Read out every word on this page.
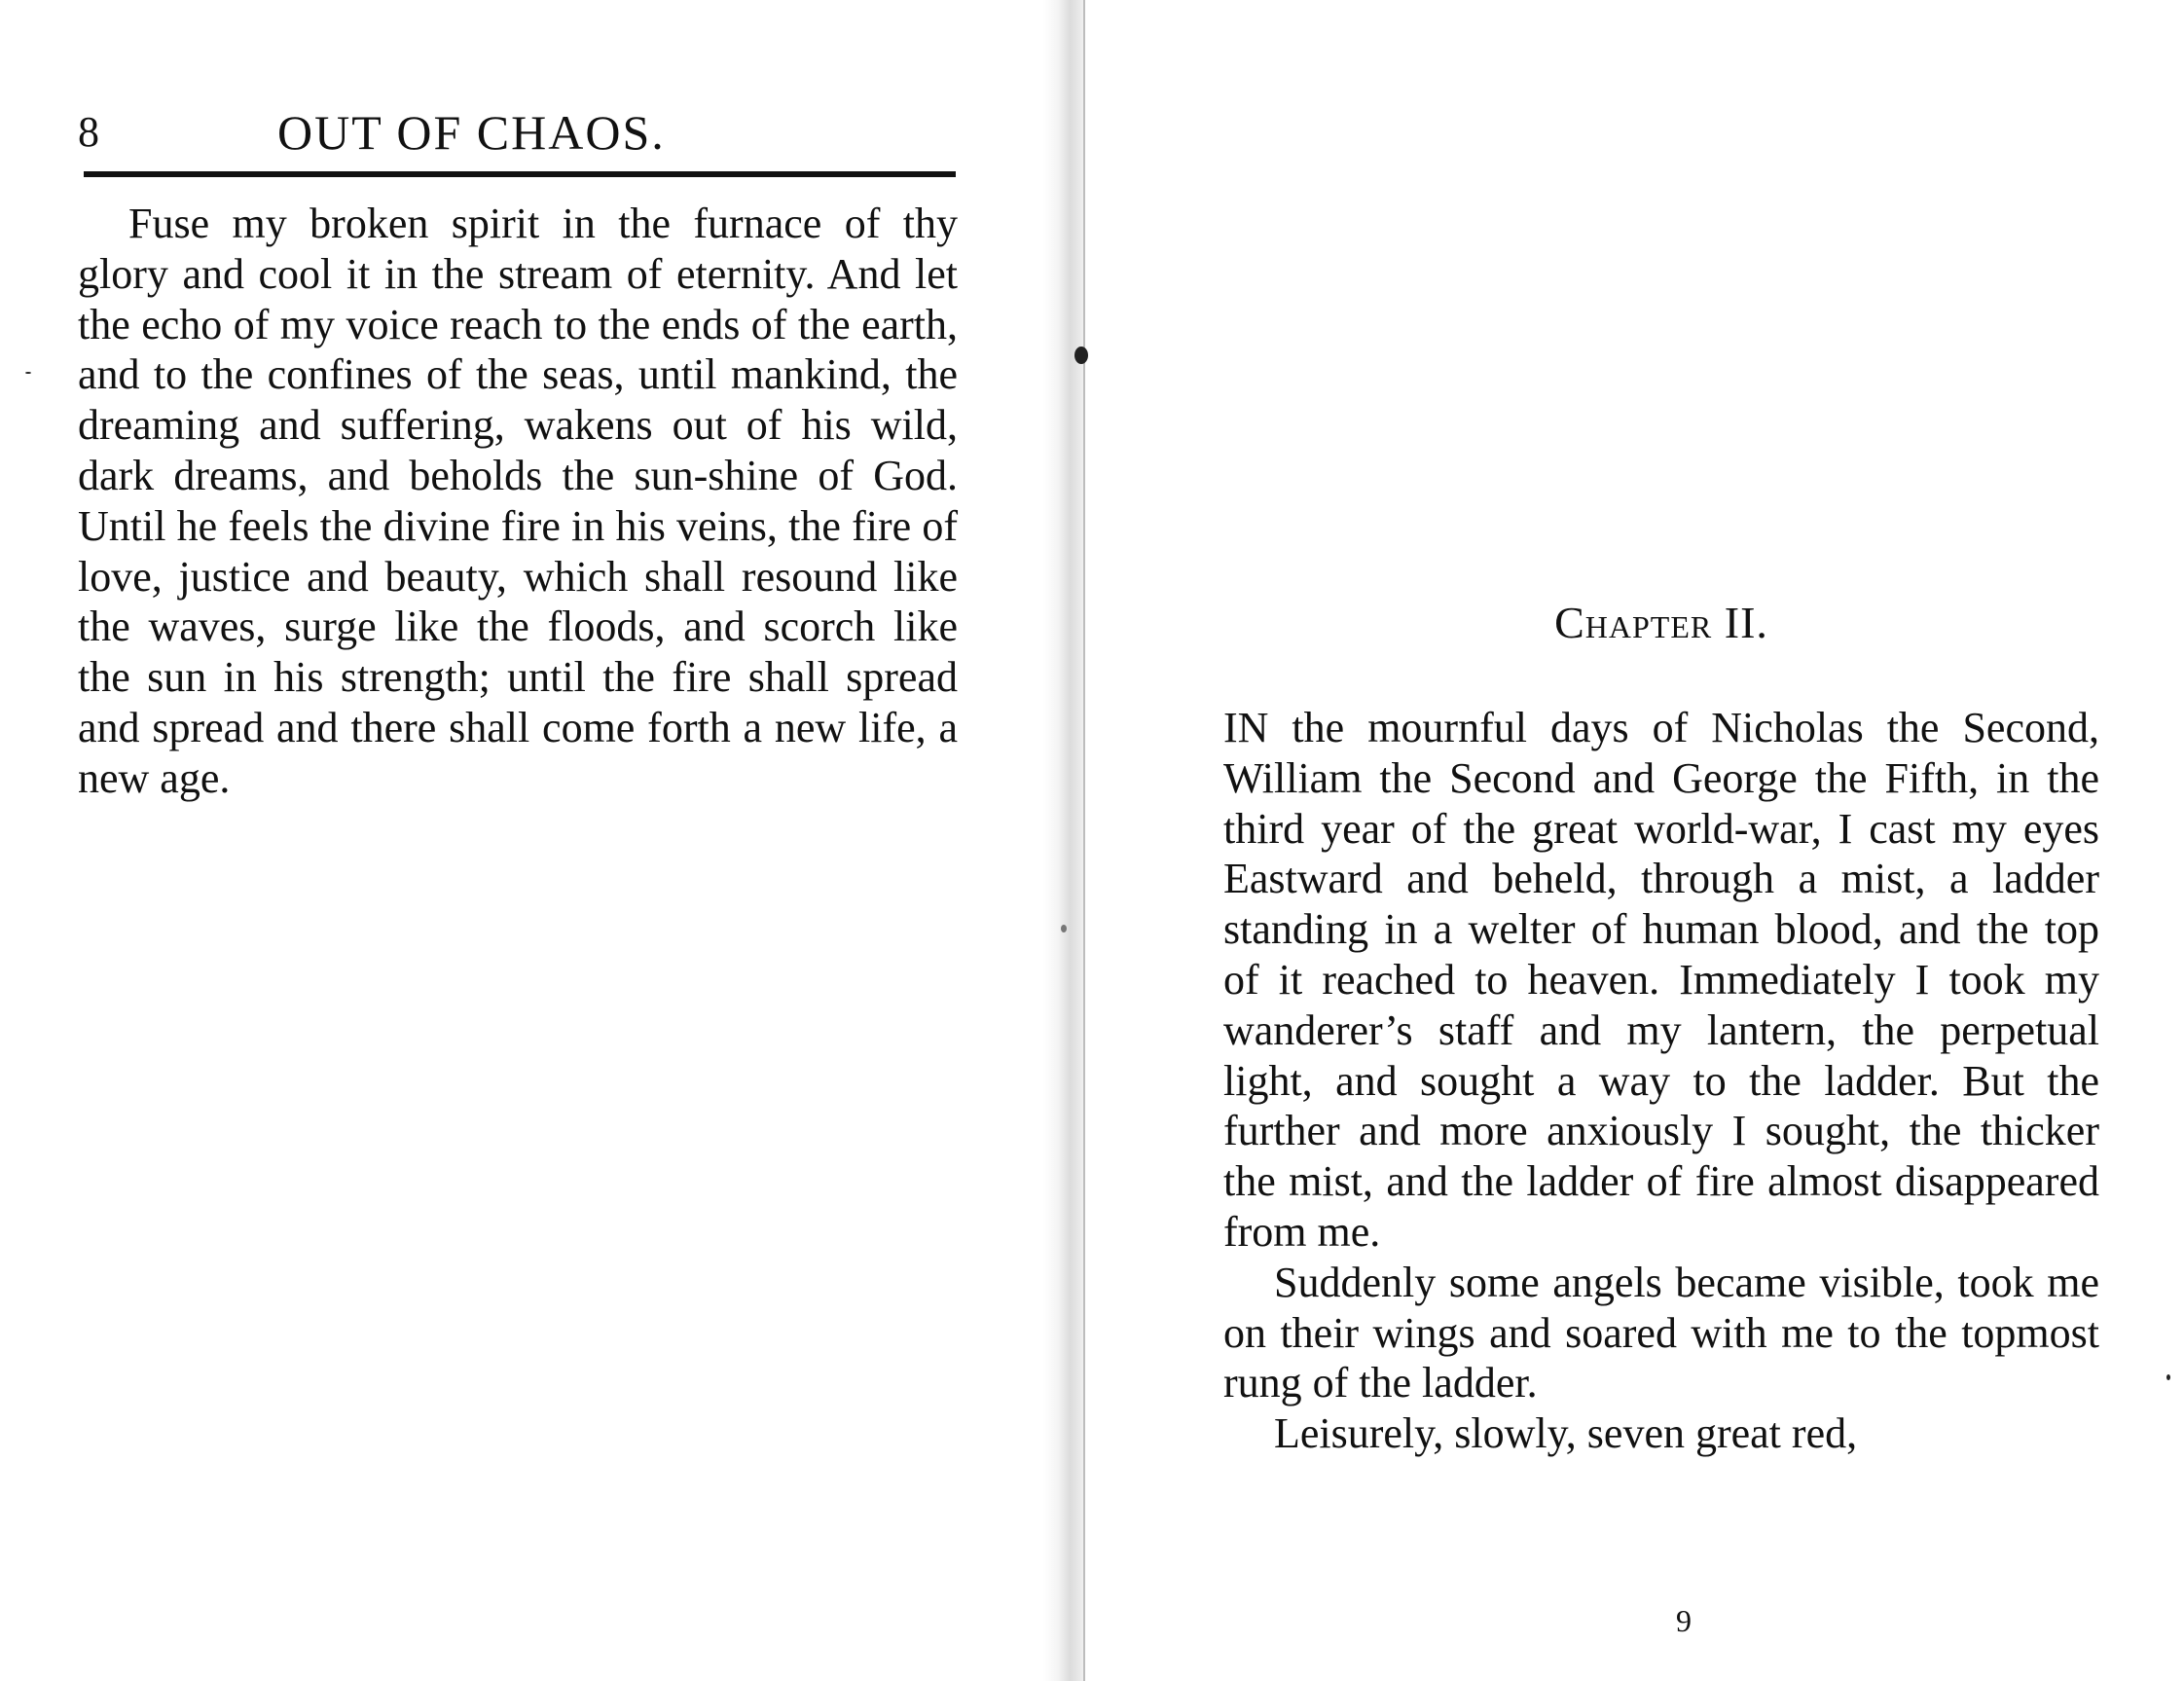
8	OUT OF CHAOS.

Fuse my broken spirit in the furnace of thy glory and cool it in the stream of eternity. And let the echo of my voice reach to the ends of the earth, and to the confines of the seas, until mankind, the dreaming and suffering, wakens out of his wild, dark dreams, and beholds the sun-shine of God. Until he feels the divine fire in his veins, the fire of love, justice and beauty, which shall resound like the waves, surge like the floods, and scorch like the sun in his strength; until the fire shall spread and spread and there shall come forth a new life, a new age.

Chapter II.

IN the mournful days of Nicholas the Second, William the Second and George the Fifth, in the third year of the great world-war, I cast my eyes Eastward and beheld, through a mist, a ladder standing in a welter of human blood, and the top of it reached to heaven. Immediately I took my wanderer’s staff and my lantern, the perpetual light, and sought a way to the ladder. But the further and more anxiously I sought, the thicker the mist, and the ladder of fire almost disappeared from me.

Suddenly some angels became visible, took me on their wings and soared with me to the topmost rung of the ladder.

Leisurely, slowly, seven great red,

9
